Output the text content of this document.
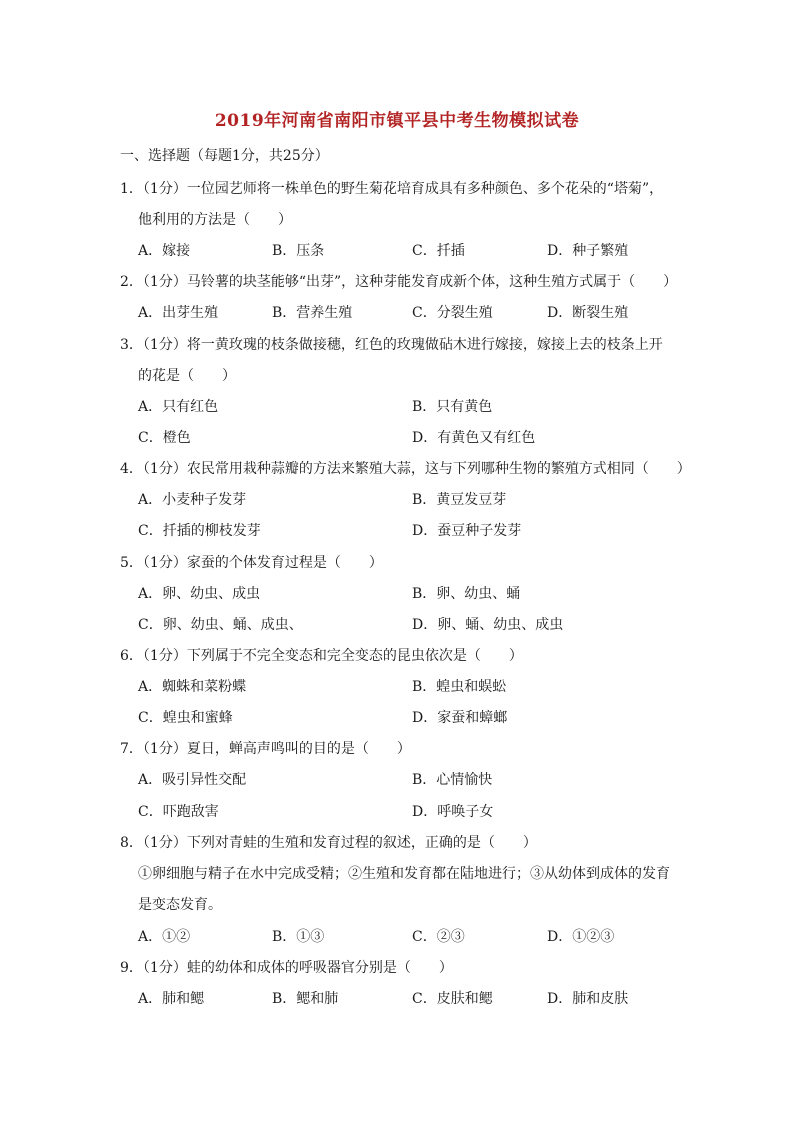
2019年河南省南阳市镇平县中考生物模拟试卷
一、选择题（每题1分，共25分）
1．（1分）一位园艺师将一株单色的野生菊花培育成具有多种颜色、多个花朵的“塔菊”，
他利用的方法是（　　）
A．嫁接	B．压条	C．扦插	D．种子繁殖
2．（1分）马铃薯的块茎能够“出芽”，这种芽能发育成新个体，这种生殖方式属于（　　）
A．出芽生殖	B．营养生殖	C．分裂生殖	D．断裂生殖
3．（1分）将一黄玫瑰的枝条做接穗，红色的玫瑰做砧木进行嫁接，嫁接上去的枝条上开
的花是（　　）
A．只有红色	B．只有黄色
C．橙色	D．有黄色又有红色
4．（1分）农民常用栽种蒜瓣的方法来繁殖大蒜，这与下列哪种生物的繁殖方式相同（　　）
A．小麦种子发芽	B．黄豆发豆芽
C．扦插的柳枝发芽	D．蚕豆种子发芽
5．（1分）家蚕的个体发育过程是（　　）
A．卵、幼虫、成虫	B．卵、幼虫、蛹
C．卵、幼虫、蛹、成虫、	D．卵、蛹、幼虫、成虫
6．（1分）下列属于不完全变态和完全变态的昆虫依次是（　　）
A．蜘蛛和菜粉蝶	B．蝗虫和蜈蚣
C．蝗虫和蜜蜂	D．家蚕和蟑螂
7．（1分）夏日，蝉高声鸣叫的目的是（　　）
A．吸引异性交配	B．心情愉快
C．吓跑敌害	D．呼唤子女
8．（1分）下列对青蛙的生殖和发育过程的叙述，正确的是（　　）
①卵细胞与精子在水中完成受精；②生殖和发育都在陆地进行；③从幼体到成体的发育
是变态发育。
A．①②	B．①③	C．②③	D．①②③
9．（1分）蛙的幼体和成体的呼吸器官分别是（　　）
A．肺和鳃	B．鳃和肺	C．皮肤和鳃	D．肺和皮肤
